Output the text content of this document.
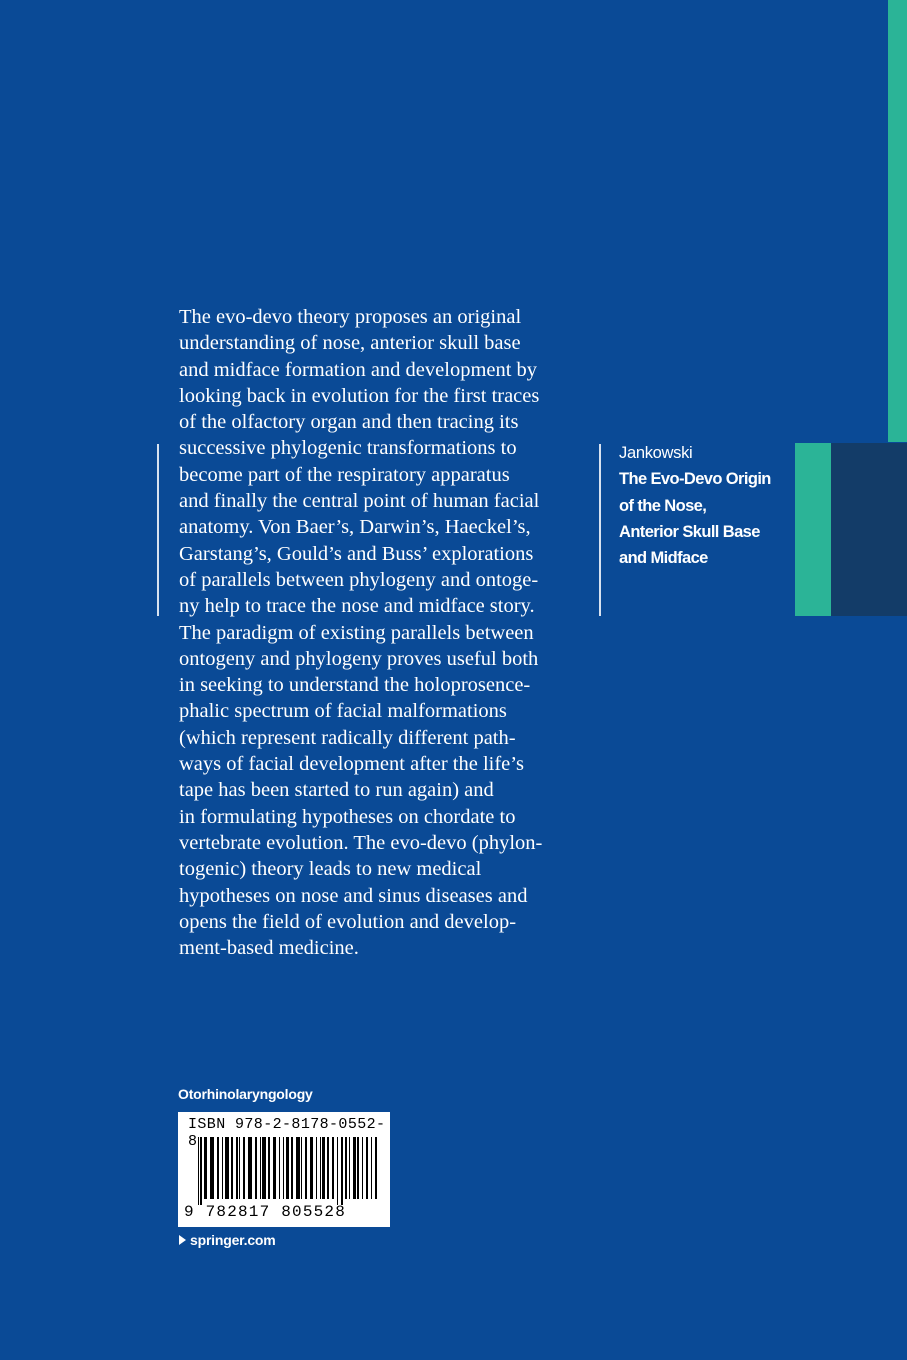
The evo-devo theory proposes an original
understanding of nose, anterior skull base
and midface formation and development by
looking back in evolution for the first traces
of the olfactory organ and then tracing its
successive phylogenic transformations to
become part of the respiratory apparatus
and finally the central point of human facial
anatomy. Von Baer’s, Darwin’s, Haeckel’s,
Garstang’s, Gould’s and Buss’ explorations
of parallels between phylogeny and ontoge-
ny help to trace the nose and midface story.
The paradigm of existing parallels between
ontogeny and phylogeny proves useful both
in seeking to understand the holoprosence-
phalic spectrum of facial malformations
(which represent radically different path-
ways of facial development after the life’s
tape has been started to run again) and
in formulating hypotheses on chordate to
vertebrate evolution. The evo-devo (phylon-
togenic) theory leads to new medical
hypotheses on nose and sinus diseases and
opens the field of evolution and develop-
ment-based medicine.
Jankowski
The Evo-Devo Origin
of the Nose,
Anterior Skull Base
and Midface
Otorhinolaryngology
ISBN 978-2-8178-0552-8
9 782817 805528
springer.com
